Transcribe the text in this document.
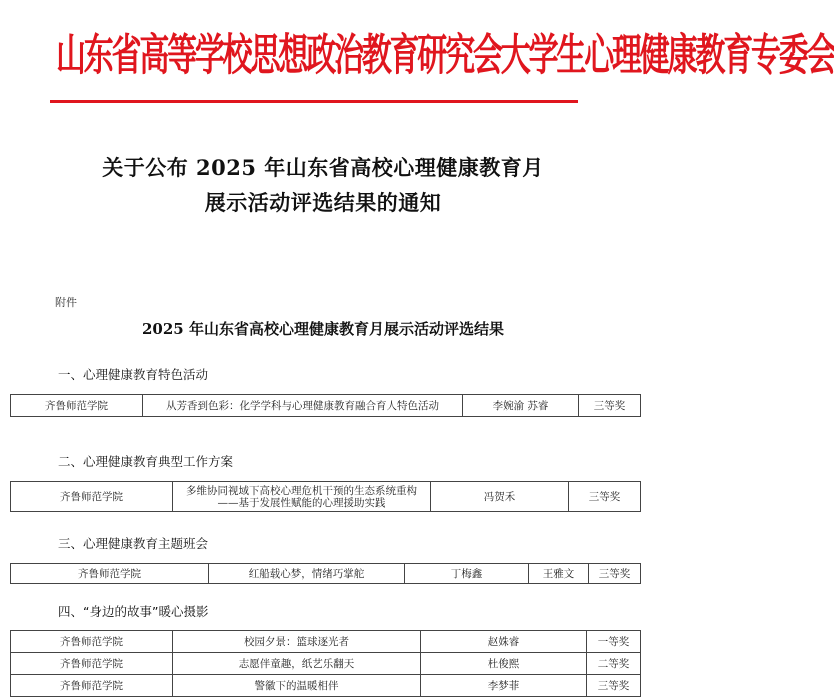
山东省高等学校思想政治教育研究会大学生心理健康教育专委会
关于公布 2025 年山东省高校心理健康教育月
展示活动评选结果的通知
附件
2025 年山东省高校心理健康教育月展示活动评选结果
一、心理健康教育特色活动
齐鲁师范学院	从芳香到色彩：化学学科与心理健康教育融合育人特色活动	李婉渝 苏睿	三等奖
二、心理健康教育典型工作方案
齐鲁师范学院	多维协同视域下高校心理危机干预的生态系统重构——基于发展性赋能的心理援助实践	冯贺禾	三等奖
三、心理健康教育主题班会
齐鲁师范学院	红船载心梦，情绪巧掌舵	丁梅鑫	王雅文	三等奖
四、“身边的故事”暖心摄影
齐鲁师范学院	校园夕景：篮球逐光者	赵姝睿	一等奖
齐鲁师范学院	志愿伴童趣，纸艺乐翻天	杜俊熙	二等奖
齐鲁师范学院	警徽下的温暖相伴	李梦菲	三等奖
